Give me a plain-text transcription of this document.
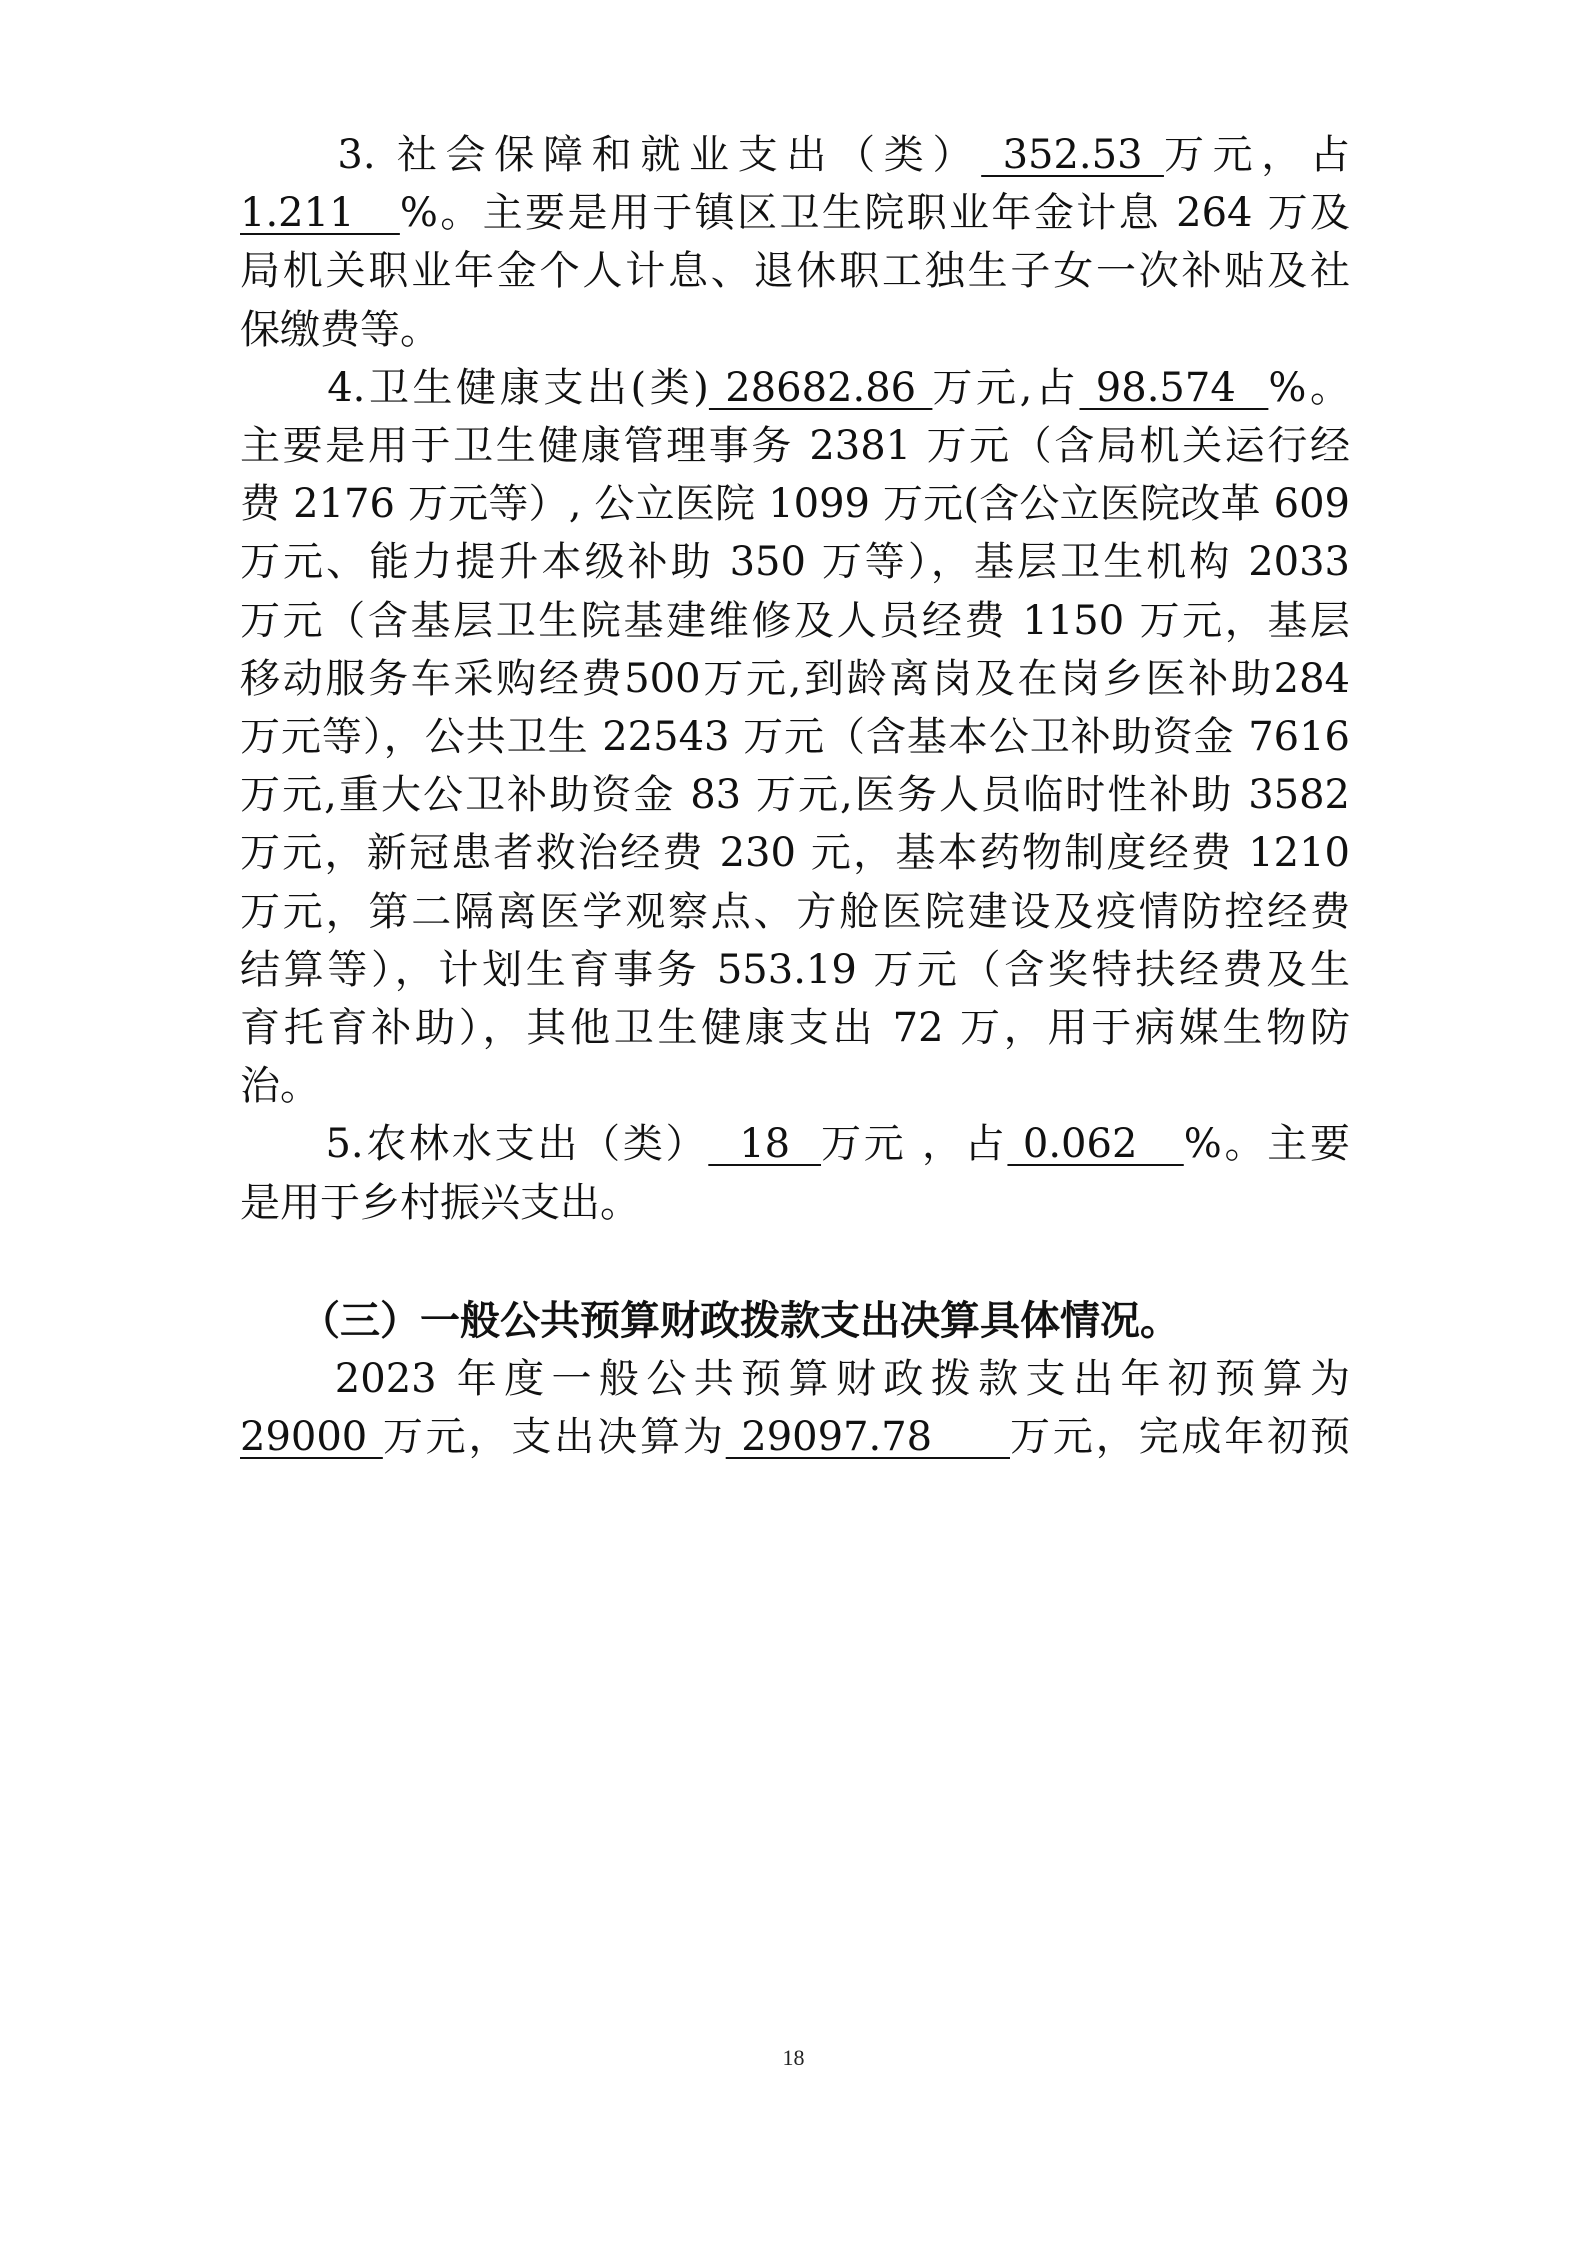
　　3. 社会保障和就业支出（类） 352.53 万元，占
1.211   %。主要是用于镇区卫生院职业年金计息 264 万及
局机关职业年金个人计息、退休职工独生子女一次补贴及社
保缴费等。
　　4.卫生健康支出(类) 28682.86 万元,占 98.574  %。
主要是用于卫生健康管理事务 2381 万元（含局机关运行经
费 2176 万元等）, 公立医院 1099 万元(含公立医院改革 609
万元、能力提升本级补助 350 万等），基层卫生机构 2033
万元（含基层卫生院基建维修及人员经费 1150 万元，基层
移动服务车采购经费500万元,到龄离岗及在岗乡医补助284
万元等），公共卫生 22543 万元（含基本公卫补助资金 7616
万元,重大公卫补助资金 83 万元,医务人员临时性补助 3582
万元，新冠患者救治经费 230 元，基本药物制度经费 1210
万元，第二隔离医学观察点、方舱医院建设及疫情防控经费
结算等），计划生育事务 553.19 万元（含奖特扶经费及生
育托育补助），其他卫生健康支出 72 万，用于病媒生物防
治。
　　5.农林水支出（类）  18  万元 ，占 0.062   %。主要
是用于乡村振兴支出。
　　（三）一般公共预算财政拨款支出决算具体情况。
　　2023 年度一般公共预算财政拨款支出年初预算为
29000 万元，支出决算为 29097.78     万元，完成年初预
18
